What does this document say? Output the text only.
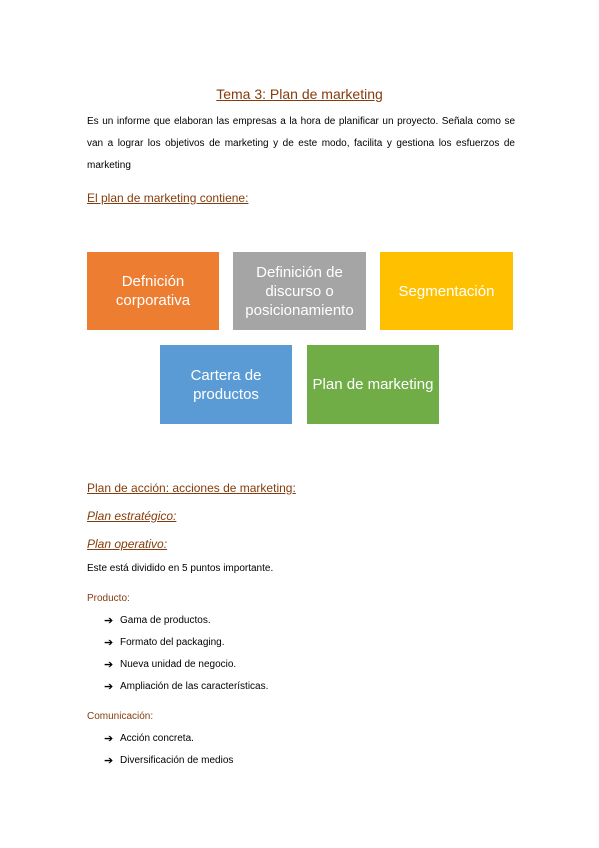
Tema 3: Plan de marketing
Es un informe que elaboran las empresas a la hora de planificar un proyecto. Señala como se van a lograr los objetivos de marketing y de este modo, facilita y gestiona los esfuerzos de marketing
El plan de marketing contiene:
Defnición corporativa
Definición de discurso o posicionamiento
Segmentación
Cartera de productos
Plan de marketing
Plan de acción: acciones de marketing:
Plan estratégico:
Plan operativo:
Este está dividido en 5 puntos importante.
Producto:
➔ Gama de productos.
➔ Formato del packaging.
➔ Nueva unidad de negocio.
➔ Ampliación de las características.
Comunicación:
➔ Acción concreta.
➔ Diversificación de medios
